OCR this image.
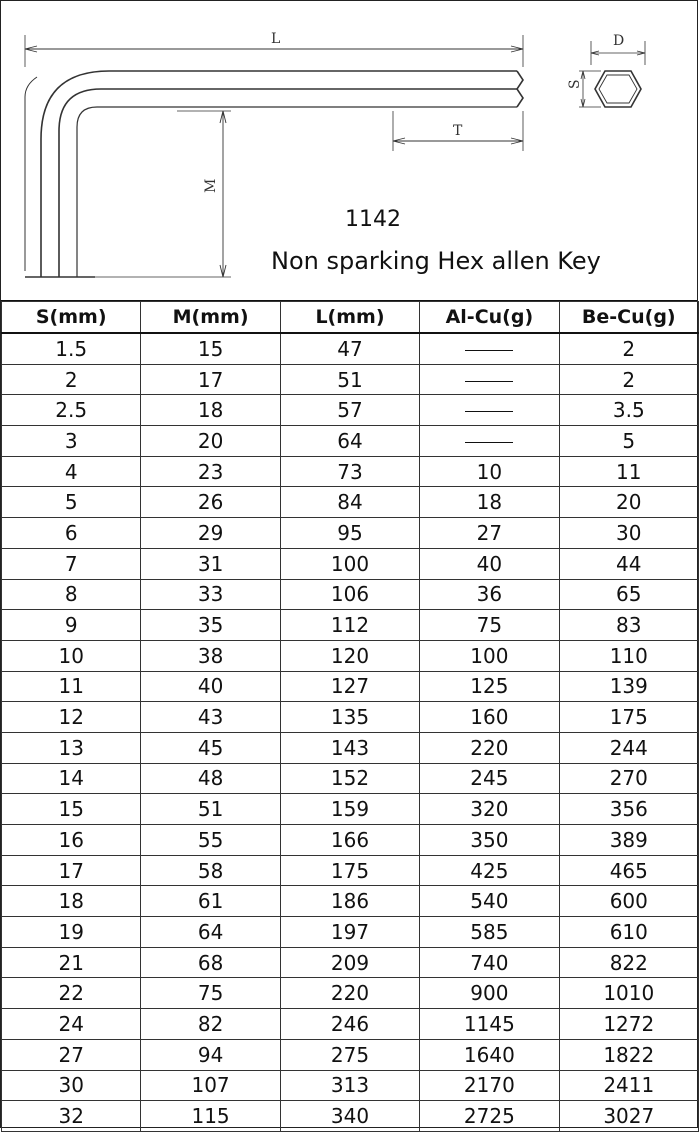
L
T
D
S
M
1142
Non sparking Hex allen Key
S(mm)	M(mm)	L(mm)	Al-Cu(g)	Be-Cu(g)
1.5	15	47		2
2	17	51		2
2.5	18	57		3.5
3	20	64		5
4	23	73	10	11
5	26	84	18	20
6	29	95	27	30
7	31	100	40	44
8	33	106	36	65
9	35	112	75	83
10	38	120	100	110
11	40	127	125	139
12	43	135	160	175
13	45	143	220	244
14	48	152	245	270
15	51	159	320	356
16	55	166	350	389
17	58	175	425	465
18	61	186	540	600
19	64	197	585	610
21	68	209	740	822
22	75	220	900	1010
24	82	246	1145	1272
27	94	275	1640	1822
30	107	313	2170	2411
32	115	340	2725	3027
